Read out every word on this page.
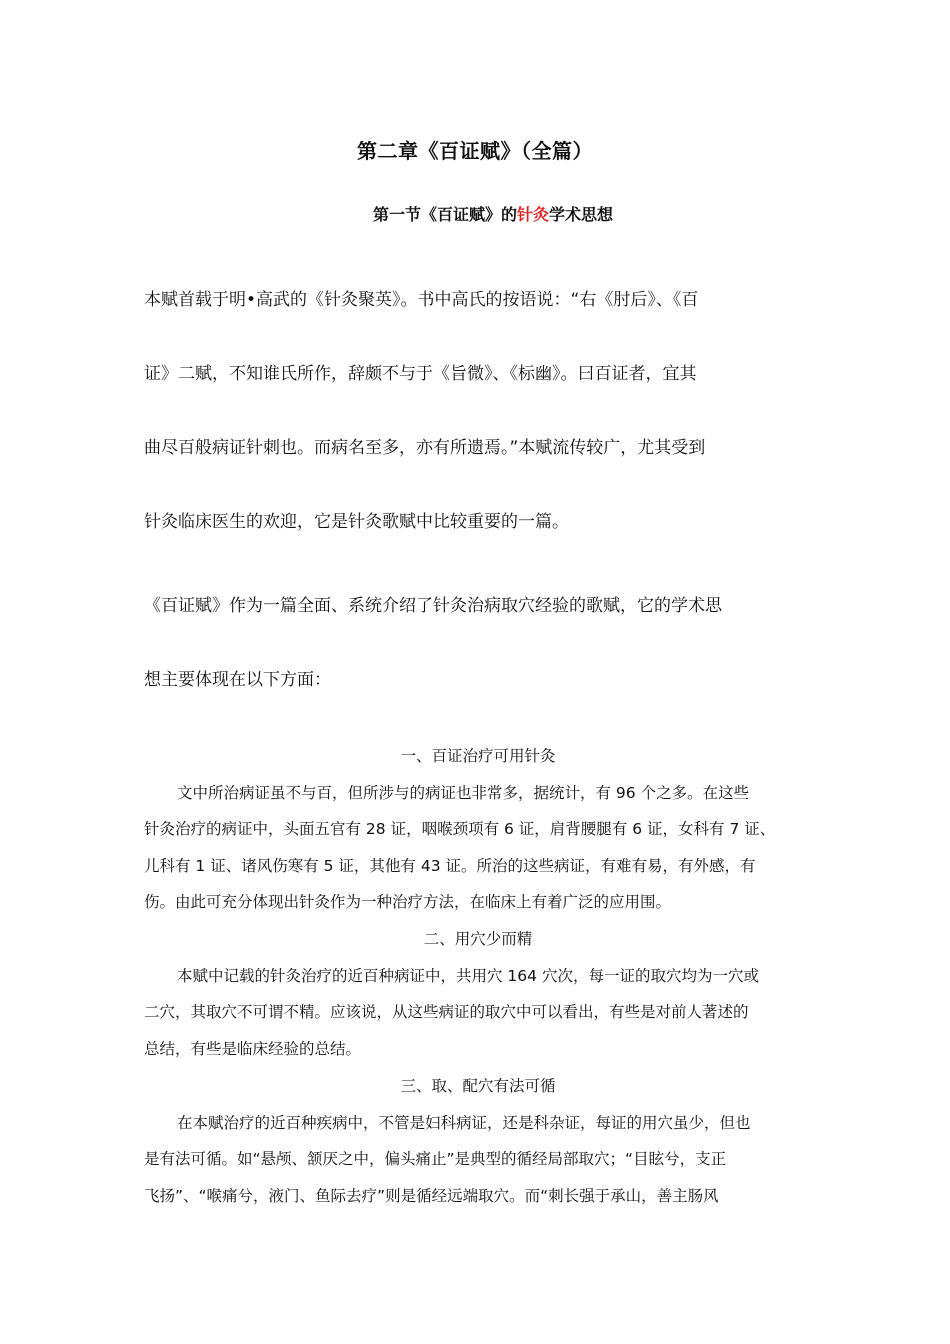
第二章《百证赋》（全篇）
第一节《百证赋》的针灸学术思想
本赋首载于明•高武的《针灸聚英》。书中高氏的按语说：“右《肘后》、《百
证》二赋，不知谁氏所作，辞颇不与于《旨微》、《标幽》。曰百证者，宜其
曲尽百般病证针刺也。而病名至多，亦有所遗焉。”本赋流传较广，尤其受到
针灸临床医生的欢迎，它是针灸歌赋中比较重要的一篇。
《百证赋》作为一篇全面、系统介绍了针灸治病取穴经验的歌赋，它的学术思
想主要体现在以下方面：
一、百证治疗可用针灸
文中所治病证虽不与百，但所涉与的病证也非常多，据统计，有 96 个之多。在这些
针灸治疗的病证中，头面五官有 28 证，咽喉颈项有 6 证，肩背腰腿有 6 证，女科有 7 证、
儿科有 1 证、诸风伤寒有 5 证，其他有 43 证。所治的这些病证，有难有易，有外感，有
伤。由此可充分体现出针灸作为一种治疗方法，在临床上有着广泛的应用围。
二、用穴少而精
本赋中记载的针灸治疗的近百种病证中，共用穴 164 穴次，每一证的取穴均为一穴或
二穴，其取穴不可谓不精。应该说，从这些病证的取穴中可以看出，有些是对前人著述的
总结，有些是临床经验的总结。
三、取、配穴有法可循
在本赋治疗的近百种疾病中，不管是妇科病证，还是科杂证，每证的用穴虽少，但也
是有法可循。如“悬颅、颔厌之中，偏头痛止”是典型的循经局部取穴；“目眩兮，支正
飞扬”、“喉痛兮，液门、鱼际去疗”则是循经远端取穴。而“刺长强于承山，善主肠风
